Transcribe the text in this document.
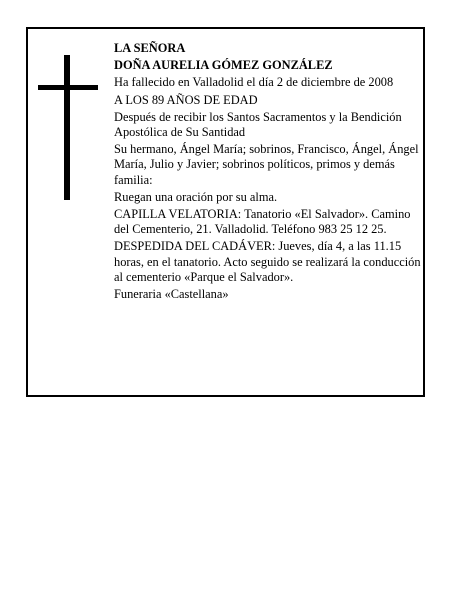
LA SEÑORA

DOÑA AURELIA GÓMEZ GONZÁLEZ

Ha fallecido en Valladolid el día 2 de diciembre de 2008

A LOS 89 AÑOS DE EDAD

Después de recibir los Santos Sacramentos y la Bendición Apostólica de Su Santidad

Su hermano, Ángel María; sobrinos, Francisco, Ángel, Ángel María, Julio y Javier; sobrinos políticos, primos y demás familia:

Ruegan una oración por su alma.

CAPILLA VELATORIA: Tanatorio «El Salvador». Camino del Cementerio, 21. Valladolid. Teléfono 983 25 12 25.

DESPEDIDA DEL CADÁVER: Jueves, día 4, a las 11.15 horas, en el tanatorio. Acto seguido se realizará la conducción al cementerio «Parque el Salvador».

Funeraria «Castellana»
